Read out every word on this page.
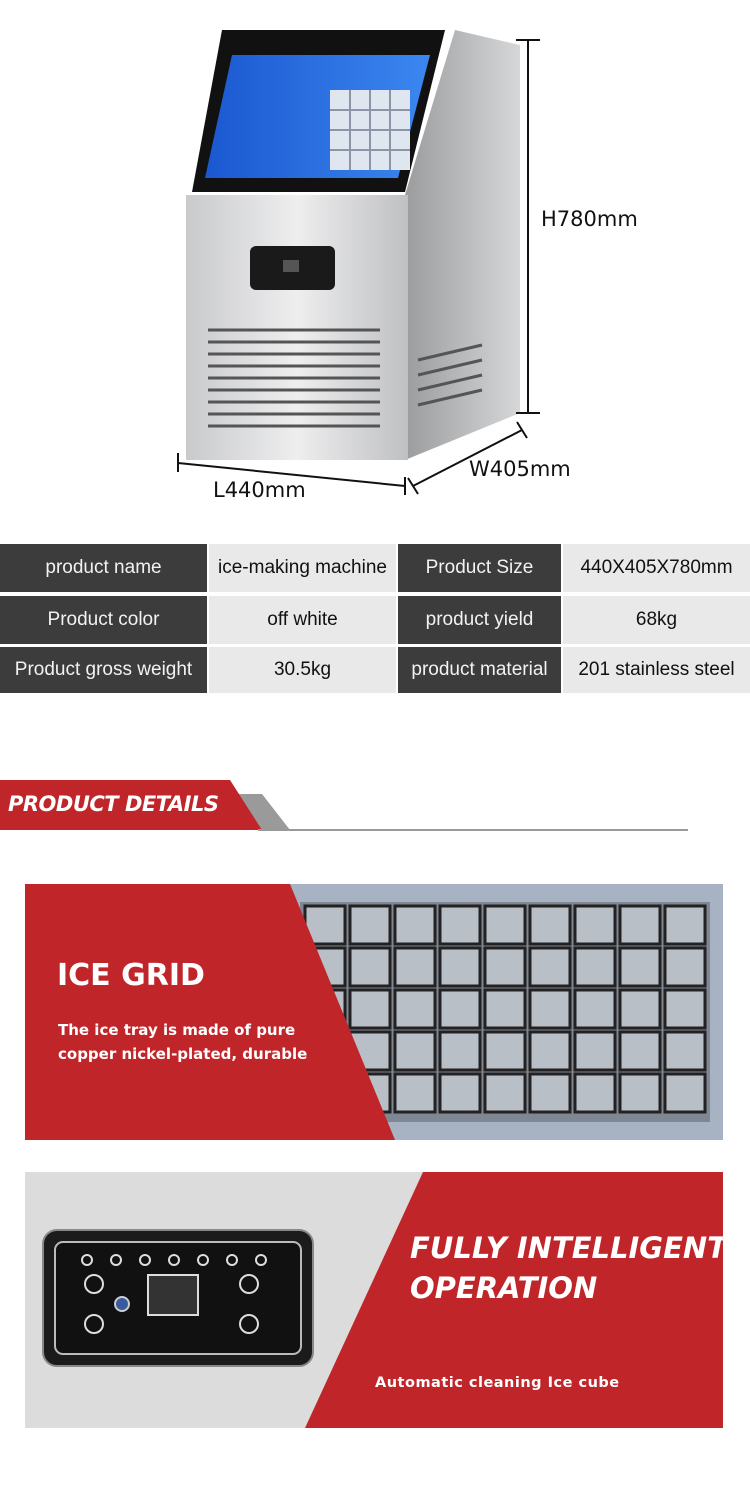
H780mm
L440mm
W405mm
product name	ice-making machine	Product Size	440X405X780mm
Product color	off white	product yield	68kg
Product gross weight	30.5kg	product material	201 stainless steel
PRODUCT DETAILS
ICE GRID
The ice tray is made of pure
copper nickel-plated, durable
FULLY INTELLIGENT
OPERATION

Automatic cleaning Ice cube

thickness adjustable  LCD display, etc
